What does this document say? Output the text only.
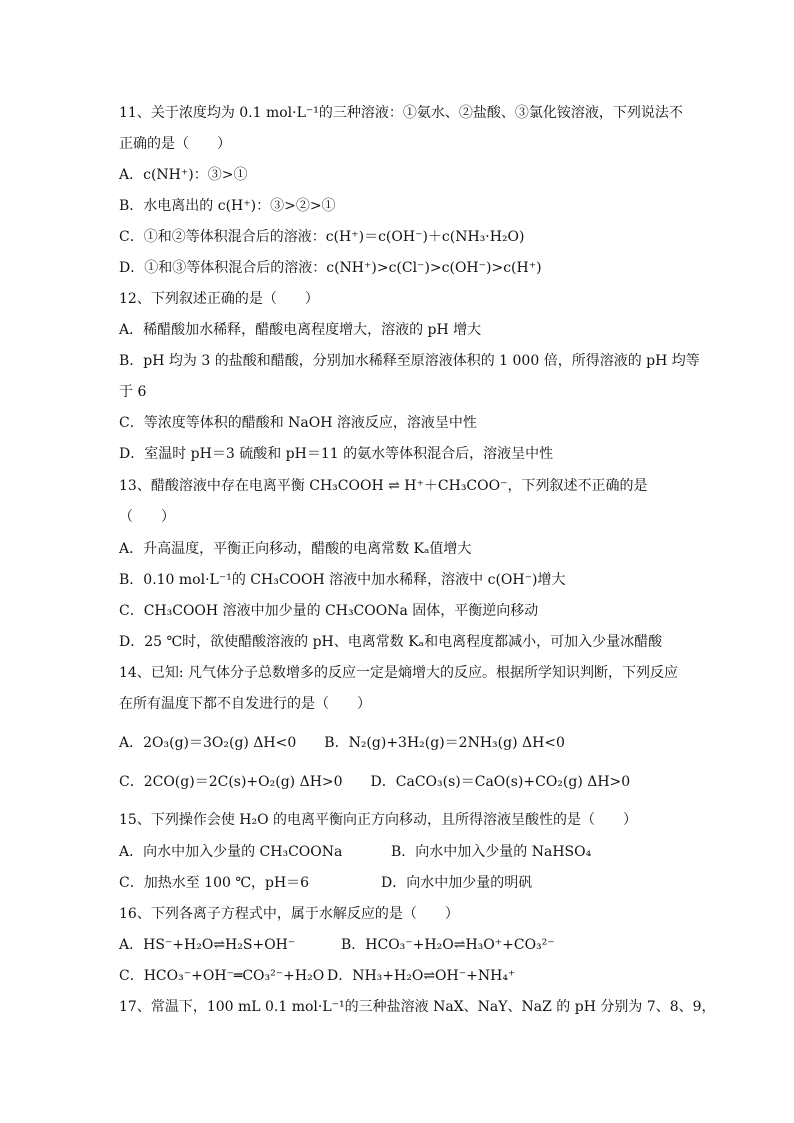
11、关于浓度均为 0.1 mol·L⁻¹的三种溶液：①氨水、②盐酸、③氯化铵溶液，下列说法不
正确的是（　　）
A．c(NH⁺)：③>①
B．水电离出的 c(H⁺)：③>②>①
C．①和②等体积混合后的溶液：c(H⁺)＝c(OH⁻)＋c(NH₃·H₂O)
D．①和③等体积混合后的溶液：c(NH⁺)>c(Cl⁻)>c(OH⁻)>c(H⁺)
12、下列叙述正确的是（　　）
A．稀醋酸加水稀释，醋酸电离程度增大，溶液的 pH 增大
B．pH 均为 3 的盐酸和醋酸，分别加水稀释至原溶液体积的 1 000 倍，所得溶液的 pH 均等
于 6
C．等浓度等体积的醋酸和 NaOH 溶液反应，溶液呈中性
D．室温时 pH＝3 硫酸和 pH＝11 的氨水等体积混合后，溶液呈中性
13、醋酸溶液中存在电离平衡 CH₃COOH ⇌ H⁺＋CH₃COO⁻，下列叙述不正确的是
（　　）
A．升高温度，平衡正向移动，醋酸的电离常数 Kₐ值增大
B．0.10 mol·L⁻¹的 CH₃COOH 溶液中加水稀释，溶液中 c(OH⁻)增大
C．CH₃COOH 溶液中加少量的 CH₃COONa 固体，平衡逆向移动
D．25 ℃时，欲使醋酸溶液的 pH、电离常数 Kₐ和电离程度都减小，可加入少量冰醋酸
14、已知: 凡气体分子总数增多的反应一定是熵增大的反应。根据所学知识判断，下列反应
在所有温度下都不自发进行的是（　　）
A．2O₃(g)＝3O₂(g) ΔH<0　　B．N₂(g)+3H₂(g)＝2NH₃(g) ΔH<0
C．2CO(g)＝2C(s)+O₂(g) ΔH>0　　D．CaCO₃(s)＝CaO(s)+CO₂(g) ΔH>0
15、下列操作会使 H₂O 的电离平衡向正方向移动，且所得溶液呈酸性的是（　　）
A．向水中加入少量的 CH₃COONa	B．向水中加入少量的 NaHSO₄
C．加热水至 100 ℃，pH＝6	D．向水中加少量的明矾
16、下列各离子方程式中，属于水解反应的是（　　）
A．HS⁻+H₂O⇌H₂S+OH⁻	B．HCO₃⁻+H₂O⇌H₃O⁺+CO₃²⁻
C．HCO₃⁻+OH⁻═CO₃²⁻+H₂O D．NH₃+H₂O⇌OH⁻+NH₄⁺
17、常温下，100 mL 0.1 mol·L⁻¹的三种盐溶液 NaX、NaY、NaZ 的 pH 分别为 7、8、9，
